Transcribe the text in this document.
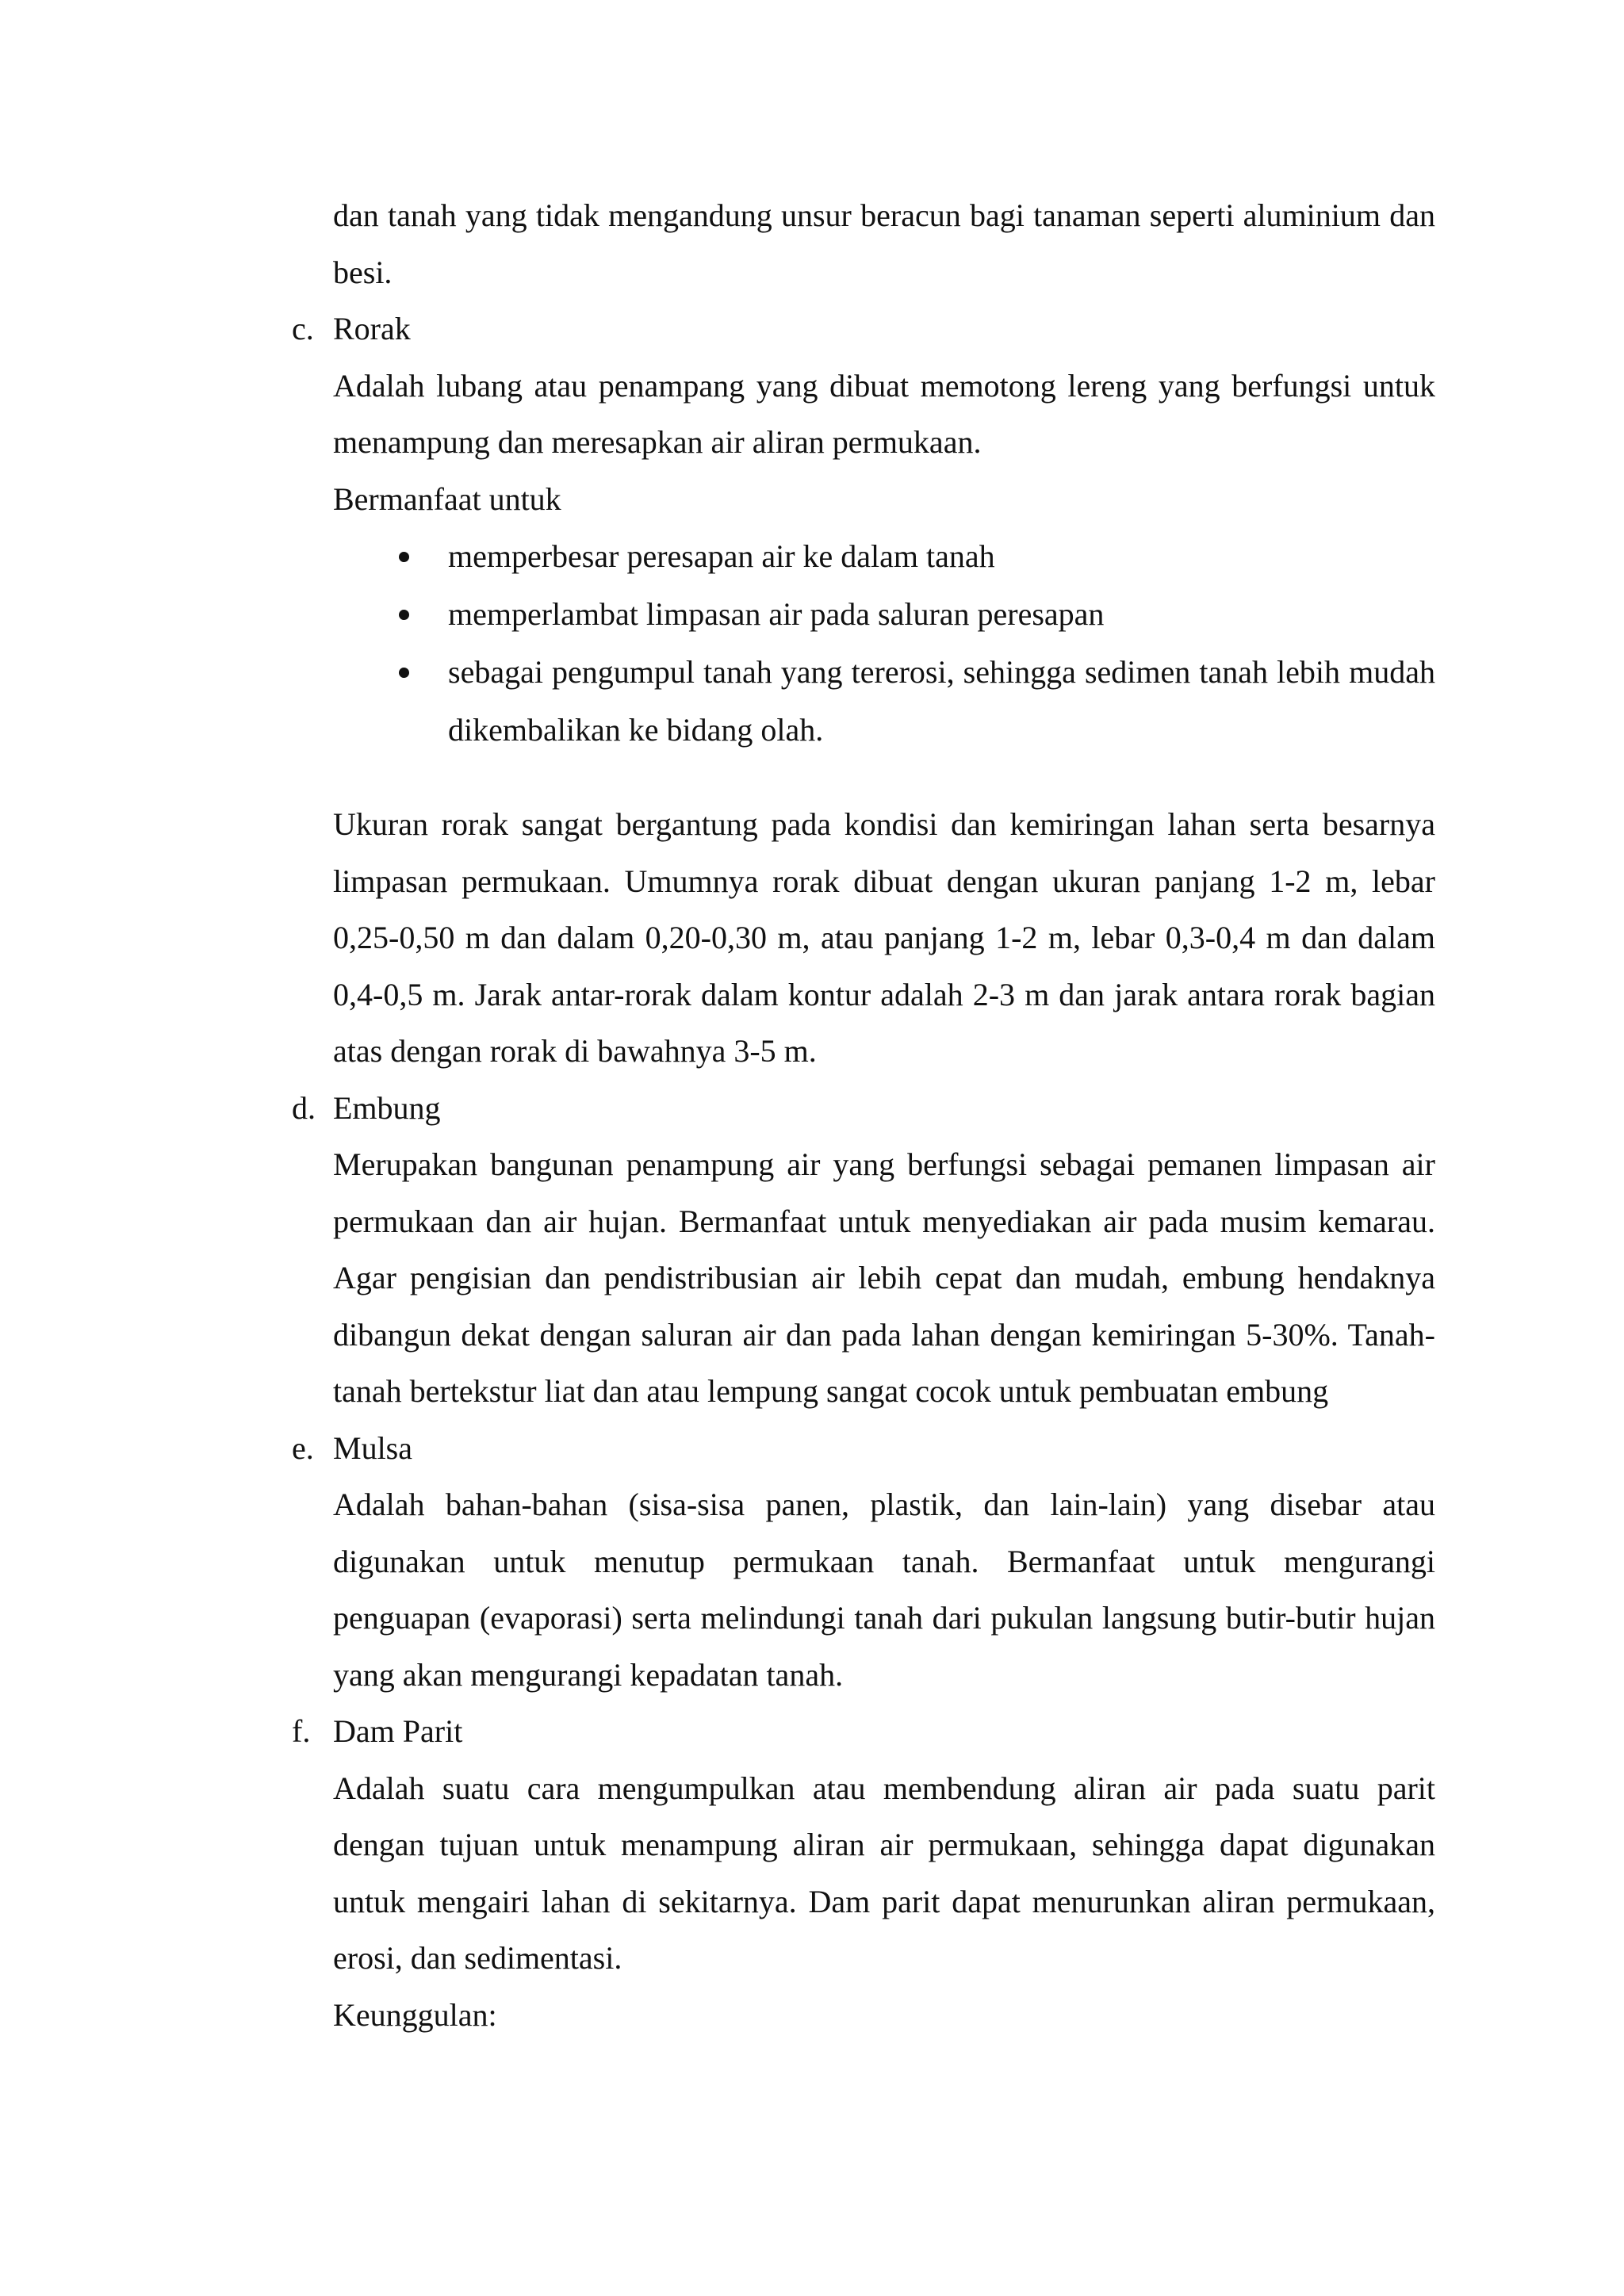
dan tanah yang tidak mengandung unsur beracun bagi tanaman seperti aluminium dan besi.

c. Rorak

Adalah lubang atau penampang yang dibuat memotong lereng yang berfungsi untuk menampung dan meresapkan air aliran permukaan.

Bermanfaat untuk

memperbesar peresapan air ke dalam tanah
memperlambat limpasan air pada saluran peresapan
sebagai pengumpul tanah yang tererosi, sehingga sedimen tanah lebih mudah dikembalikan ke bidang olah.

Ukuran rorak sangat bergantung pada kondisi dan kemiringan lahan serta besarnya limpasan permukaan. Umumnya rorak dibuat dengan ukuran panjang 1-2 m, lebar 0,25-0,50 m dan dalam 0,20-0,30 m, atau panjang 1-2 m, lebar 0,3-0,4 m dan dalam 0,4-0,5 m. Jarak antar-rorak dalam kontur adalah 2-3 m dan jarak antara rorak bagian atas dengan rorak di bawahnya 3-5 m.

d. Embung

Merupakan bangunan penampung air yang berfungsi sebagai pemanen limpasan air permukaan dan air hujan. Bermanfaat untuk menyediakan air pada musim kemarau. Agar pengisian dan pendistribusian air lebih cepat dan mudah, embung hendaknya dibangun dekat dengan saluran air dan pada lahan dengan kemiringan 5-30%. Tanah-tanah bertekstur liat dan atau lempung sangat cocok untuk pembuatan embung

e. Mulsa

Adalah bahan-bahan (sisa-sisa panen, plastik, dan lain-lain) yang disebar atau digunakan untuk menutup permukaan tanah. Bermanfaat untuk mengurangi penguapan (evaporasi) serta melindungi tanah dari pukulan langsung butir-butir hujan yang akan mengurangi kepadatan tanah.

f. Dam Parit

Adalah suatu cara mengumpulkan atau membendung aliran air pada suatu parit dengan tujuan untuk menampung aliran air permukaan, sehingga dapat digunakan untuk mengairi lahan di sekitarnya. Dam parit dapat menurunkan aliran permukaan, erosi, dan sedimentasi.

Keunggulan:
